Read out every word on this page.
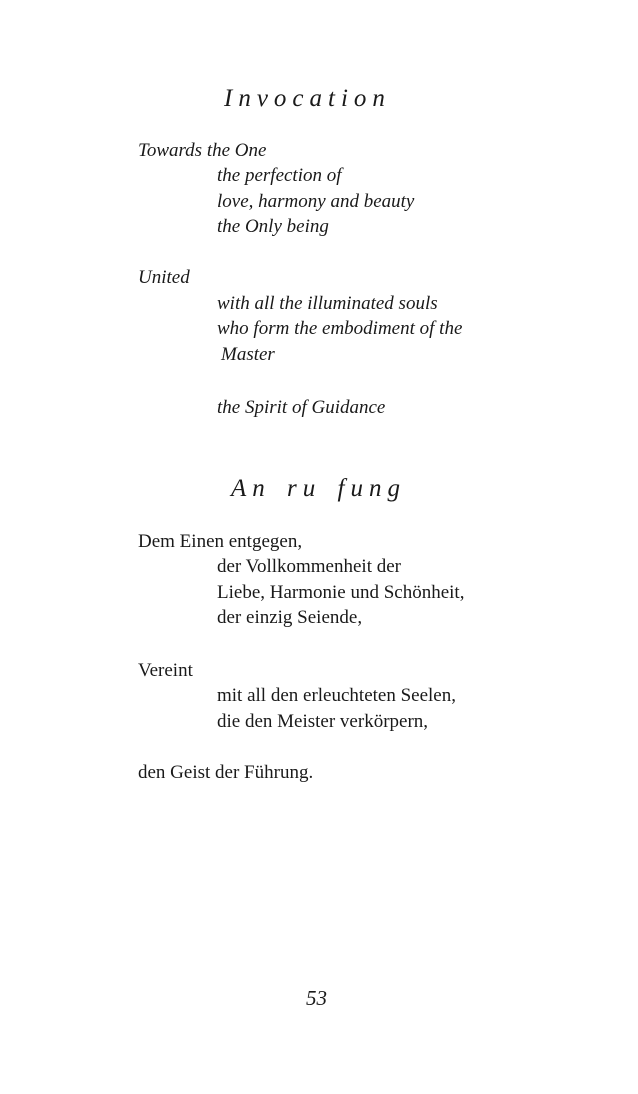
Invocation
Towards the One
the perfection of
love, harmony and beauty
the Only being
United
with all the illuminated souls
who form the embodiment of the
Master
the Spirit of Guidance
An ru fung
Dem Einen entgegen,
der Vollkommenheit der
Liebe, Harmonie und Schönheit,
der einzig Seiende,
Vereint
mit all den erleuchteten Seelen,
die den Meister verkörpern,
den Geist der Führung.
53
